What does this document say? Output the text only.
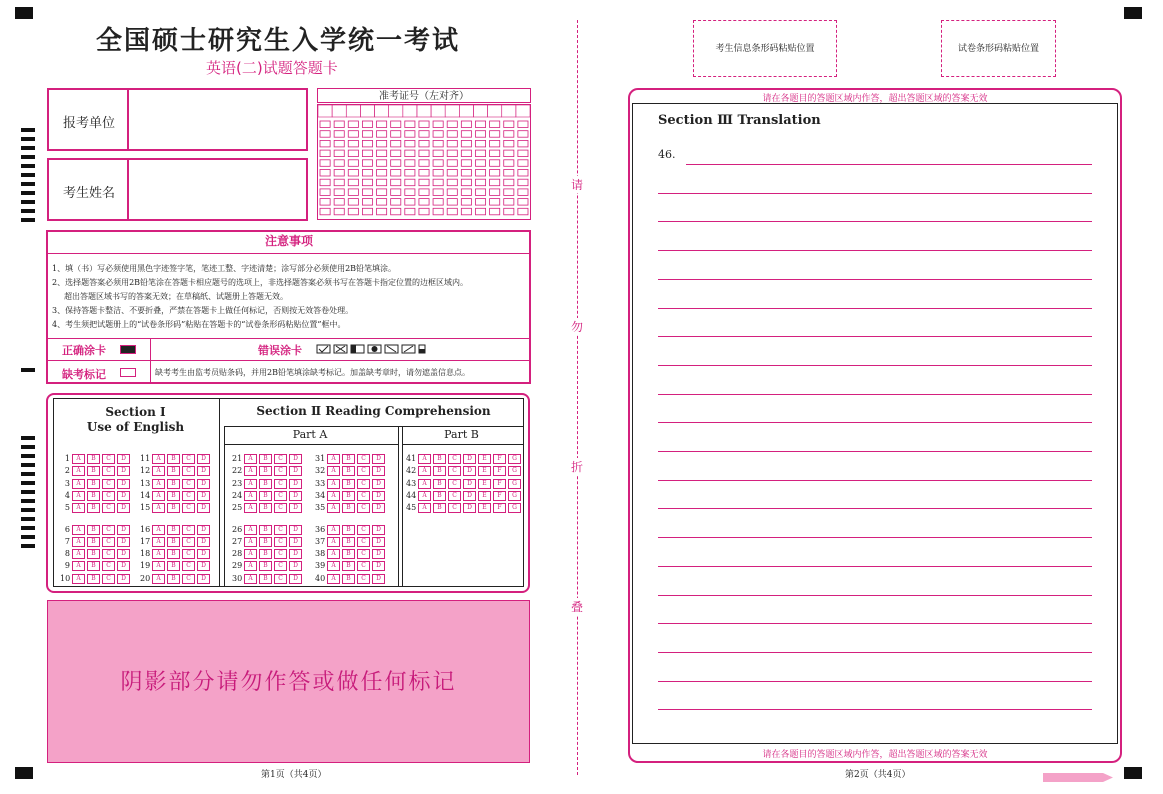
全国硕士研究生入学统一考试
英语(二)试题答题卡
报考单位
考生姓名
准考证号（左对齐）
注意事项
1、填（书）写必须使用黑色字迹签字笔，笔迹工整、字迹清楚；涂写部分必须使用2B铅笔填涂。
2、选择题答案必须用2B铅笔涂在答题卡相应题号的选项上，非选择题答案必须书写在答题卡指定位置的边框区域内。
超出答题区域书写的答案无效；在草稿纸、试题册上答题无效。
3、保持答题卡整洁、不要折叠，严禁在答题卡上做任何标记，否则按无效答卷处理。
4、考生须把试题册上的“试卷条形码”粘贴在答题卡的“试卷条形码粘贴位置”框中。
正确涂卡	错误涂卡
缺考标记	缺考考生由监考员贴条码，并用2B铅笔填涂缺考标记。加盖缺考章时，请勿遮盖信息点。
Section Ⅰ
Use of English
Section Ⅱ Reading Comprehension
Part A	Part B
1 A B C D
2 A B C D
3 A B C D
4 A B C D
5 A B C D
6 A B C D
7 A B C D
8 A B C D
9 A B C D
10 A B C D
11 A B C D
12 A B C D
13 A B C D
14 A B C D
15 A B C D
16 A B C D
17 A B C D
18 A B C D
19 A B C D
20 A B C D
21 A B C D
22 A B C D
23 A B C D
24 A B C D
25 A B C D
26 A B C D
27 A B C D
28 A B C D
29 A B C D
30 A B C D
31 A B C D
32 A B C D
33 A B C D
34 A B C D
35 A B C D
36 A B C D
37 A B C D
38 A B C D
39 A B C D
40 A B C D
41 A B C D E F G
42 A B C D E F G
43 A B C D E F G
44 A B C D E F G
45 A B C D E F G
阴影部分请勿作答或做任何标记
请
勿
折
叠
考生信息条形码粘贴位置	试卷条形码粘贴位置
请在各题目的答题区域内作答，超出答题区域的答案无效
Section Ⅲ Translation
46.
请在各题目的答题区域内作答，超出答题区域的答案无效
第1页（共4页）	第2页（共4页）	请接背面继续作答
